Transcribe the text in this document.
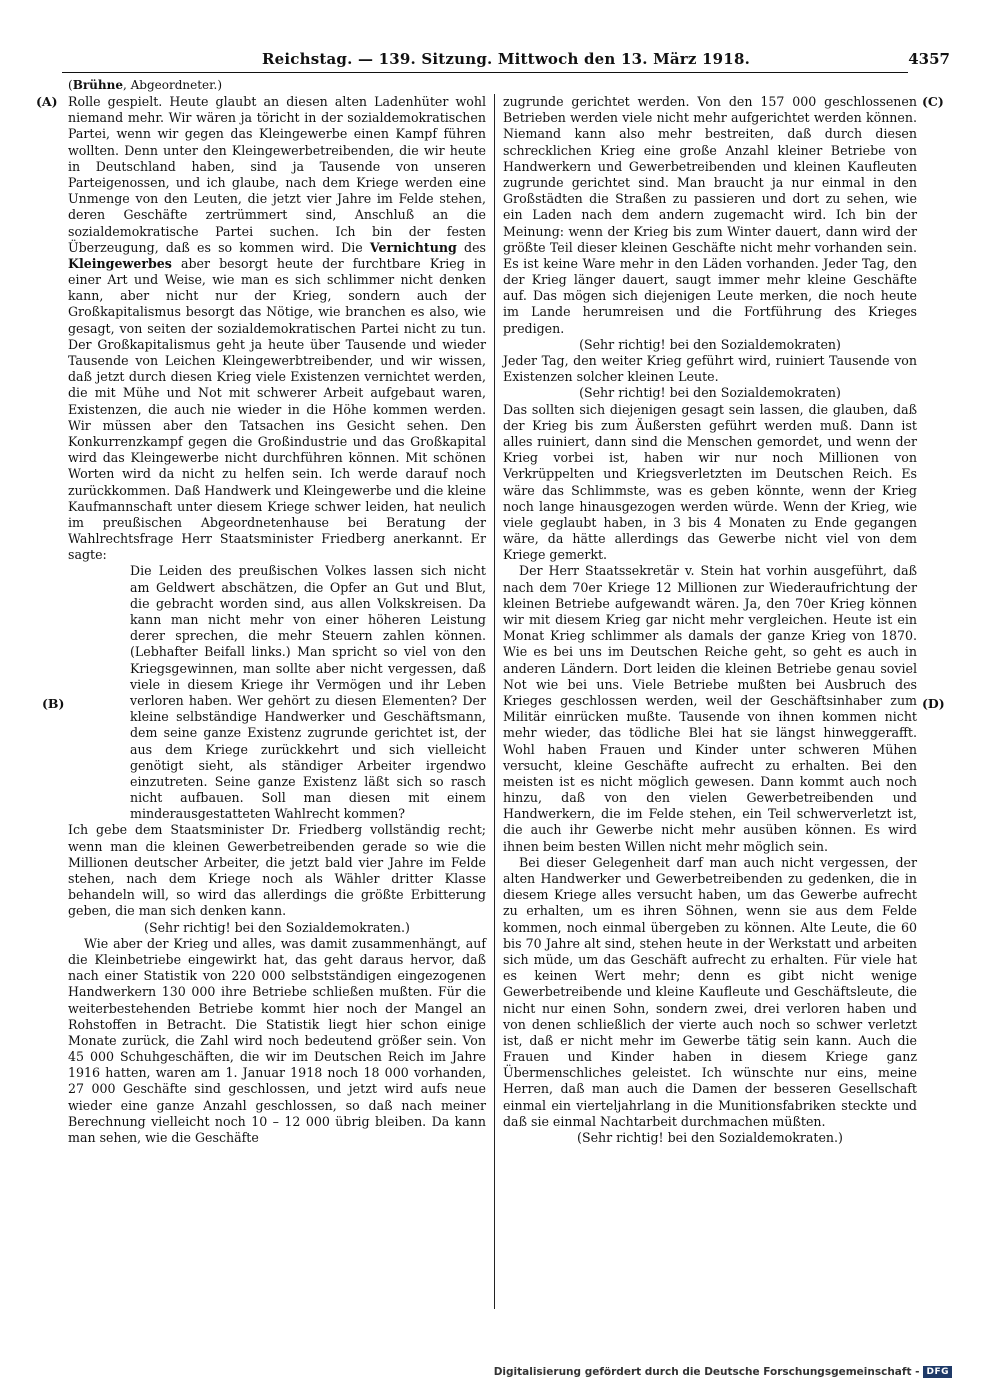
Reichstag. — 139. Sitzung. Mittwoch den 13. März 1918.	4357
(Brühne, Abgeordneter.)
(A)
(B)
(C)
(D)

Rolle gespielt. Heute glaubt an diesen alten Ladenhüter wohl niemand mehr. Wir wären ja töricht in der sozialdemokratischen Partei, wenn wir gegen das Kleingewerbe einen Kampf führen wollten. Denn unter den Kleingewerbetreibenden, die wir heute in Deutschland haben, sind ja Tausende von unseren Parteigenossen, und ich glaube, nach dem Kriege werden eine Unmenge von den Leuten, die jetzt vier Jahre im Felde stehen, deren Geschäfte zertrümmert sind, Anschluß an die sozialdemokratische Partei suchen. Ich bin der festen Überzeugung, daß es so kommen wird. Die Vernichtung des Kleingewerbes aber besorgt heute der furchtbare Krieg in einer Art und Weise, wie man es sich schlimmer nicht denken kann, aber nicht nur der Krieg, sondern auch der Großkapitalismus besorgt das Nötige, wie branchen es also, wie gesagt, von seiten der sozialdemokratischen Partei nicht zu tun. Der Großkapitalismus geht ja heute über Tausende und wieder Tausende von Leichen Kleingewerbtreibender, und wir wissen, daß jetzt durch diesen Krieg viele Existenzen vernichtet werden, die mit Mühe und Not mit schwerer Arbeit aufgebaut waren, Existenzen, die auch nie wieder in die Höhe kommen werden. Wir müssen aber den Tatsachen ins Gesicht sehen. Den Konkurrenzkampf gegen die Großindustrie und das Großkapital wird das Kleingewerbe nicht durchführen können. Mit schönen Worten wird da nicht zu helfen sein. Ich werde darauf noch zurückkommen. Daß Handwerk und Kleingewerbe und die kleine Kaufmannschaft unter diesem Kriege schwer leiden, hat neulich im preußischen Abgeordnetenhause bei Beratung der Wahlrechtsfrage Herr Staatsminister Friedberg anerkannt. Er sagte:

Die Leiden des preußischen Volkes lassen sich nicht am Geldwert abschätzen, die Opfer an Gut und Blut, die gebracht worden sind, aus allen Volkskreisen. Da kann man nicht mehr von einer höheren Leistung derer sprechen, die mehr Steuern zahlen können. (Lebhafter Beifall links.) Man spricht so viel von den Kriegsgewinnen, man sollte aber nicht vergessen, daß viele in diesem Kriege ihr Vermögen und ihr Leben verloren haben. Wer gehört zu diesen Elementen? Der kleine selbständige Handwerker und Geschäftsmann, dem seine ganze Existenz zugrunde gerichtet ist, der aus dem Kriege zurückkehrt und sich vielleicht genötigt sieht, als ständiger Arbeiter irgendwo einzutreten. Seine ganze Existenz läßt sich so rasch nicht aufbauen. Soll man diesen mit einem minderausgestatteten Wahlrecht kommen?

Ich gebe dem Staatsminister Dr. Friedberg vollständig recht; wenn man die kleinen Gewerbetreibenden gerade so wie die Millionen deutscher Arbeiter, die jetzt bald vier Jahre im Felde stehen, nach dem Kriege noch als Wähler dritter Klasse behandeln will, so wird das allerdings die größte Erbitterung geben, die man sich denken kann.

(Sehr richtig! bei den Sozialdemokraten.)

Wie aber der Krieg und alles, was damit zusammenhängt, auf die Kleinbetriebe eingewirkt hat, das geht daraus hervor, daß nach einer Statistik von 220 000 selbstständigen eingezogenen Handwerkern 130 000 ihre Betriebe schließen mußten. Für die weiterbestehenden Betriebe kommt hier noch der Mangel an Rohstoffen in Betracht. Die Statistik liegt hier schon einige Monate zurück, die Zahl wird noch bedeutend größer sein. Von 45 000 Schuhgeschäften, die wir im Deutschen Reich im Jahre 1916 hatten, waren am 1. Januar 1918 noch 18 000 vorhanden, 27 000 Geschäfte sind geschlossen, und jetzt wird aufs neue wieder eine ganze Anzahl geschlossen, so daß nach meiner Berechnung vielleicht noch 10 – 12 000 übrig bleiben. Da kann man sehen, wie die Geschäfte

zugrunde gerichtet werden. Von den 157 000 geschlossenen Betrieben werden viele nicht mehr aufgerichtet werden können. Niemand kann also mehr bestreiten, daß durch diesen schrecklichen Krieg eine große Anzahl kleiner Betriebe von Handwerkern und Gewerbetreibenden und kleinen Kaufleuten zugrunde gerichtet sind. Man braucht ja nur einmal in den Großstädten die Straßen zu passieren und dort zu sehen, wie ein Laden nach dem andern zugemacht wird. Ich bin der Meinung: wenn der Krieg bis zum Winter dauert, dann wird der größte Teil dieser kleinen Geschäfte nicht mehr vorhanden sein. Es ist keine Ware mehr in den Läden vorhanden. Jeder Tag, den der Krieg länger dauert, saugt immer mehr kleine Geschäfte auf. Das mögen sich diejenigen Leute merken, die noch heute im Lande herumreisen und die Fortführung des Krieges predigen.

(Sehr richtig! bei den Sozialdemokraten)

Jeder Tag, den weiter Krieg geführt wird, ruiniert Tausende von Existenzen solcher kleinen Leute.

(Sehr richtig! bei den Sozialdemokraten)

Das sollten sich diejenigen gesagt sein lassen, die glauben, daß der Krieg bis zum Äußersten geführt werden muß. Dann ist alles ruiniert, dann sind die Menschen gemordet, und wenn der Krieg vorbei ist, haben wir nur noch Millionen von Verkrüppelten und Kriegsverletzten im Deutschen Reich. Es wäre das Schlimmste, was es geben könnte, wenn der Krieg noch lange hinausgezogen werden würde. Wenn der Krieg, wie viele geglaubt haben, in 3 bis 4 Monaten zu Ende gegangen wäre, da hätte allerdings das Gewerbe nicht viel von dem Kriege gemerkt.

Der Herr Staatssekretär v. Stein hat vorhin ausgeführt, daß nach dem 70er Kriege 12 Millionen zur Wiederaufrichtung der kleinen Betriebe aufgewandt wären. Ja, den 70er Krieg können wir mit diesem Krieg gar nicht mehr vergleichen. Heute ist ein Monat Krieg schlimmer als damals der ganze Krieg von 1870. Wie es bei uns im Deutschen Reiche geht, so geht es auch in anderen Ländern. Dort leiden die kleinen Betriebe genau soviel Not wie bei uns. Viele Betriebe mußten bei Ausbruch des Krieges geschlossen werden, weil der Geschäftsinhaber zum Militär einrücken mußte. Tausende von ihnen kommen nicht mehr wieder, das tödliche Blei hat sie längst hinweggerafft. Wohl haben Frauen und Kinder unter schweren Mühen versucht, kleine Geschäfte aufrecht zu erhalten. Bei den meisten ist es nicht möglich gewesen. Dann kommt auch noch hinzu, daß von den vielen Gewerbetreibenden und Handwerkern, die im Felde stehen, ein Teil schwerverletzt ist, die auch ihr Gewerbe nicht mehr ausüben können. Es wird ihnen beim besten Willen nicht mehr möglich sein.

Bei dieser Gelegenheit darf man auch nicht vergessen, der alten Handwerker und Gewerbetreibenden zu gedenken, die in diesem Kriege alles versucht haben, um das Gewerbe aufrecht zu erhalten, um es ihren Söhnen, wenn sie aus dem Felde kommen, noch einmal übergeben zu können. Alte Leute, die 60 bis 70 Jahre alt sind, stehen heute in der Werkstatt und arbeiten sich müde, um das Geschäft aufrecht zu erhalten. Für viele hat es keinen Wert mehr; denn es gibt nicht wenige Gewerbetreibende und kleine Kaufleute und Geschäftsleute, die nicht nur einen Sohn, sondern zwei, drei verloren haben und von denen schließlich der vierte auch noch so schwer verletzt ist, daß er nicht mehr im Gewerbe tätig sein kann. Auch die Frauen und Kinder haben in diesem Kriege ganz Übermenschliches geleistet. Ich wünschte nur eins, meine Herren, daß man auch die Damen der besseren Gesellschaft einmal ein vierteljahrlang in die Munitionsfabriken steckte und daß sie einmal Nachtarbeit durchmachen müßten.

(Sehr richtig! bei den Sozialdemokraten.)

Digitalisierung gefördert durch die Deutsche Forschungsgemeinschaft - DFG
